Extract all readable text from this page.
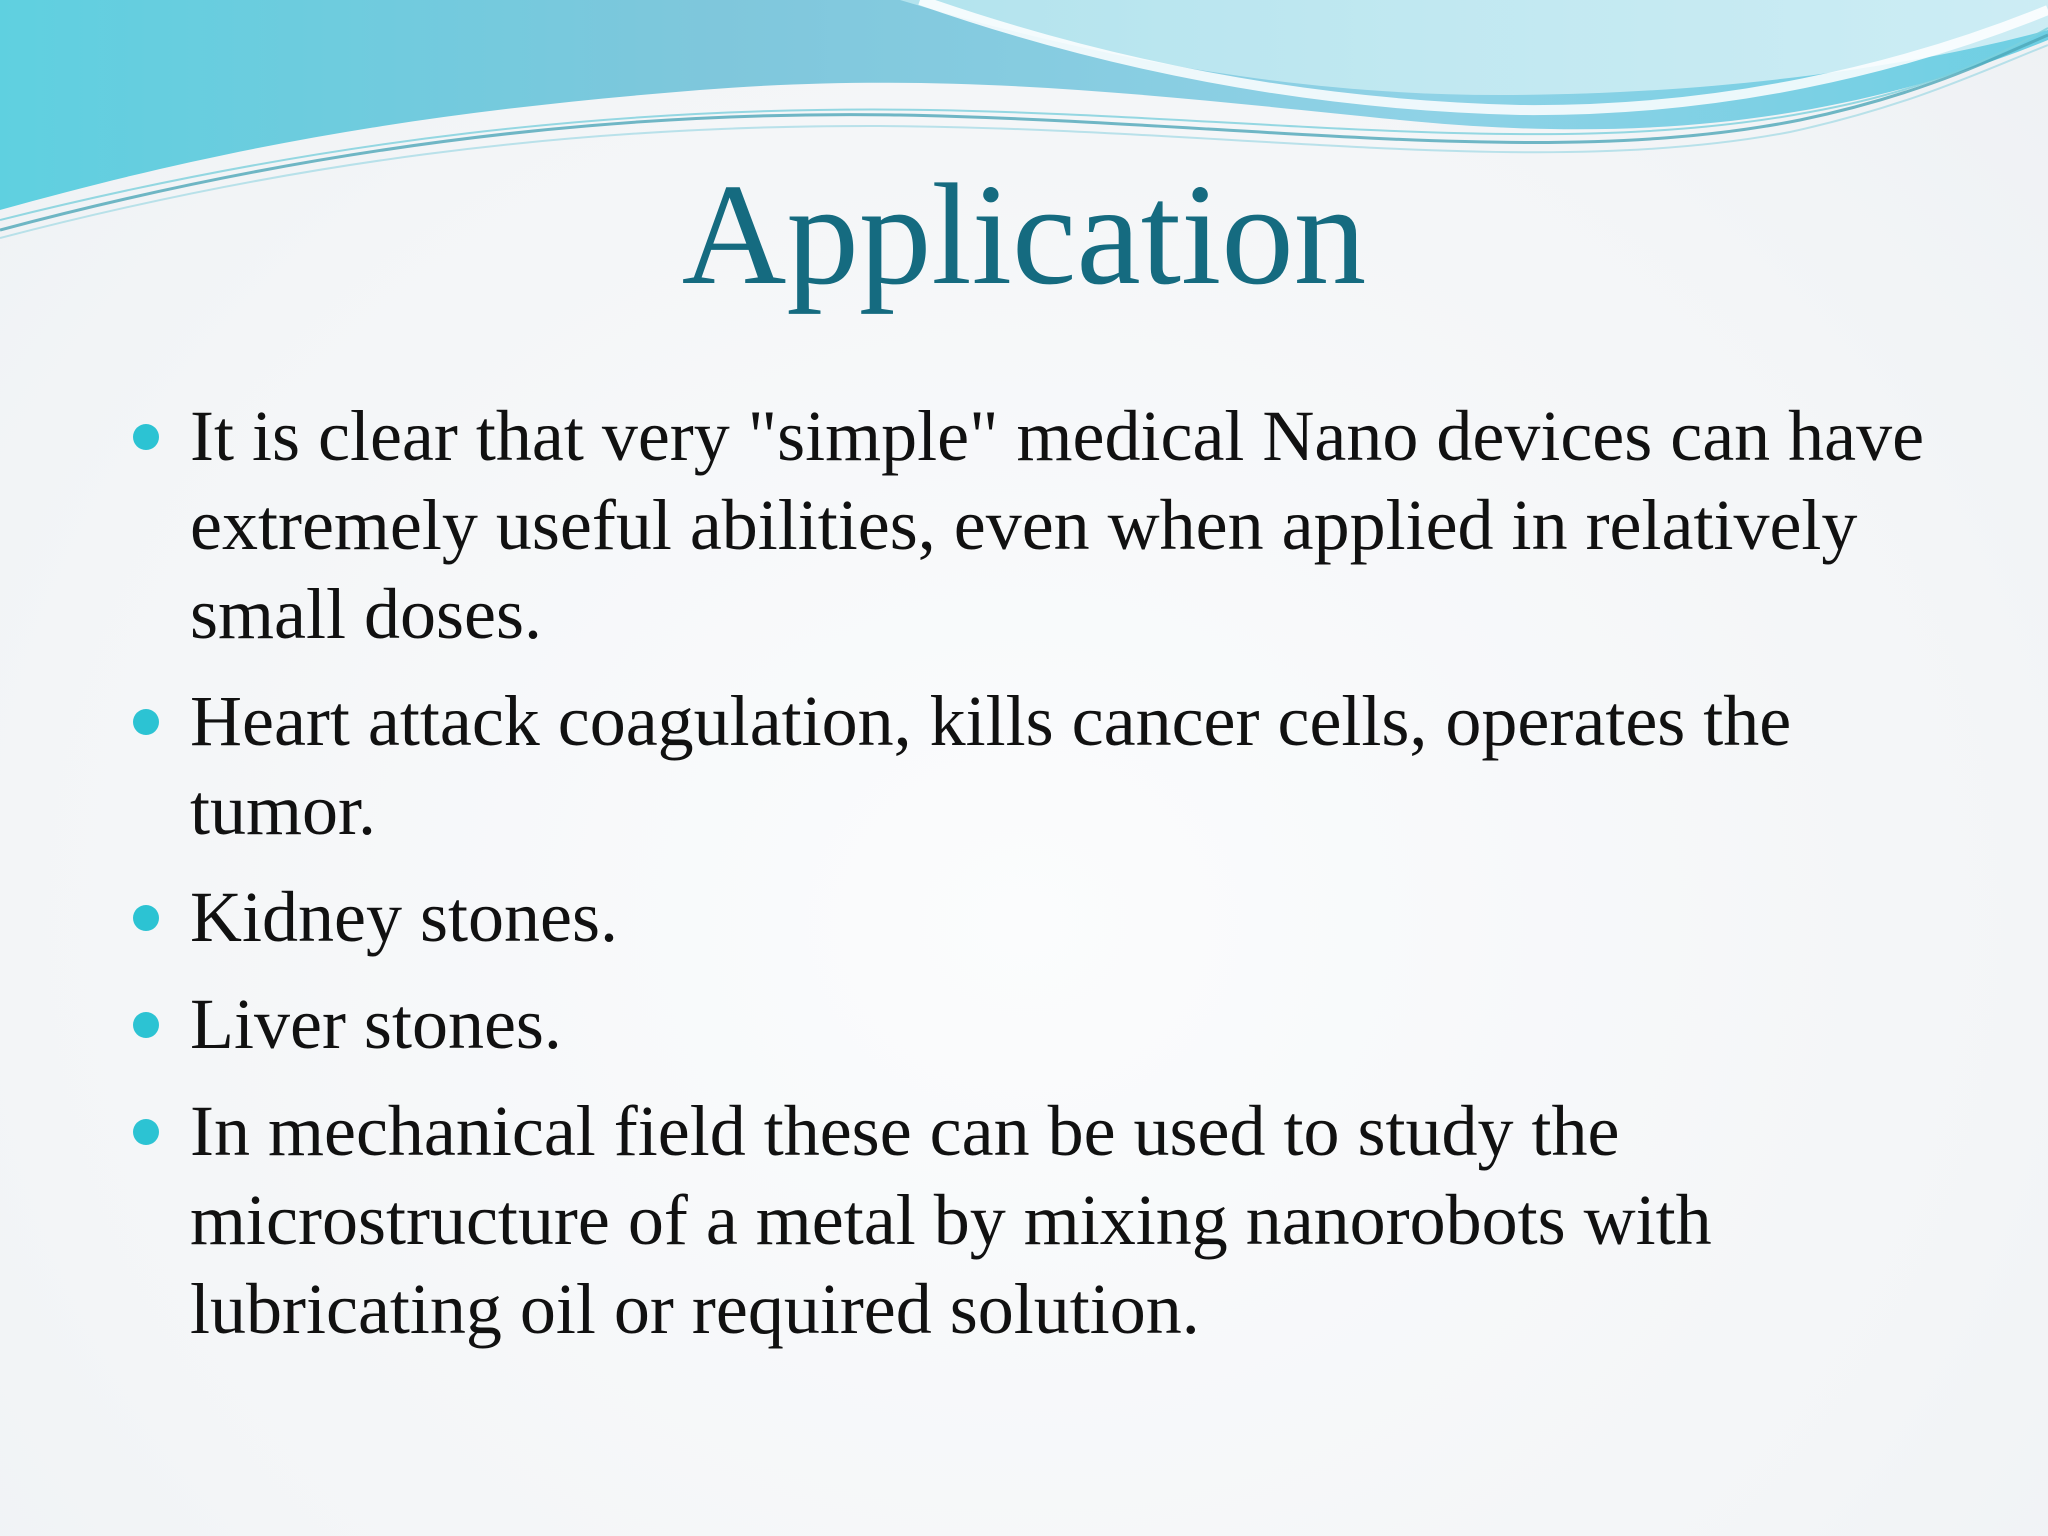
Application
It is clear that very "simple" medical Nano devices can have extremely useful abilities, even when applied in relatively small doses.
Heart attack coagulation, kills cancer cells, operates the tumor.
Kidney stones.
Liver stones.
In mechanical field these can be used to study the microstructure of a metal by mixing nanorobots with lubricating oil or required solution.
